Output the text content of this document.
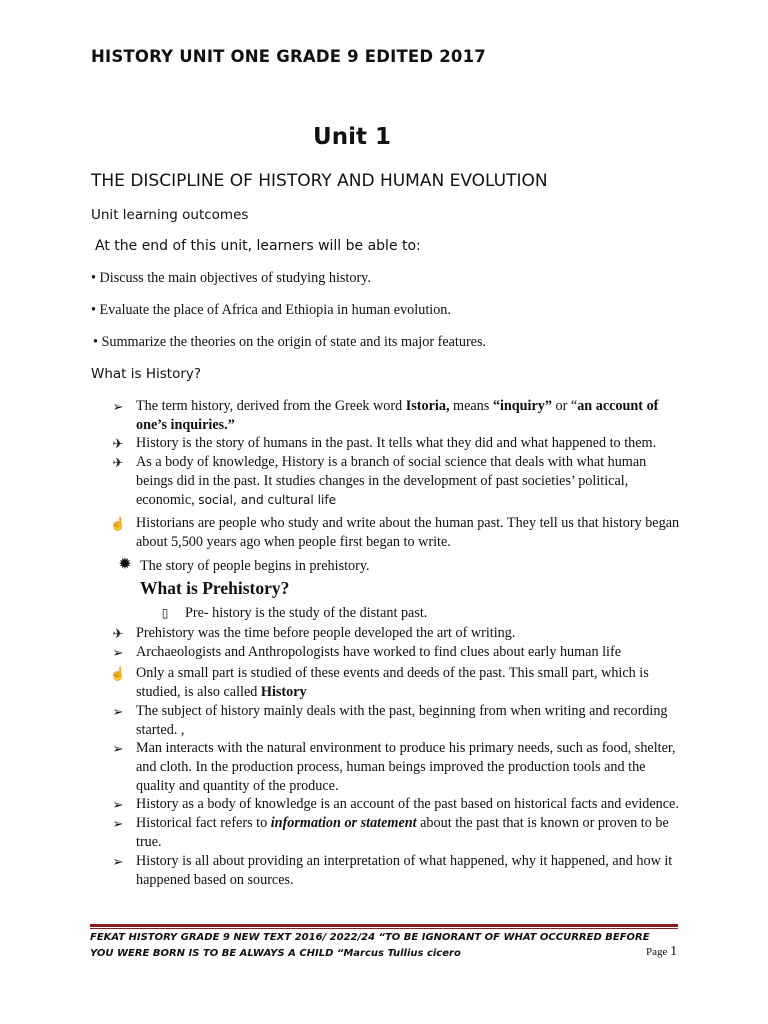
HISTORY UNIT ONE GRADE 9 EDITED 2017
Unit 1
THE DISCIPLINE OF HISTORY AND HUMAN EVOLUTION
Unit learning outcomes
At the end of this unit, learners will be able to:
• Discuss the main objectives of studying history.
• Evaluate the place of Africa and Ethiopia in human evolution.
• Summarize the theories on the origin of state and its major features.
What is History?
➢ The term history, derived from the Greek word Istoria, means “inquiry” or “an account of one’s inquiries.”
✈ History is the story of humans in the past. It tells what they did and what happened to them.
✈ As a body of knowledge, History is a branch of social science that deals with what human beings did in the past. It studies changes in the development of past societies’ political, economic, social, and cultural life
☝ Historians are people who study and write about the human past. They tell us that history began about 5,500 years ago when people first began to write.
✹ The story of people begins in prehistory.
What is Prehistory?
▯	Pre- history is the study of the distant past.
✈ Prehistory was the time before people developed the art of writing.
➢ Archaeologists and Anthropologists have worked to find clues about early human life
☝ Only a small part is studied of these events and deeds of the past. This small part, which is studied, is also called History
➢ The subject of history mainly deals with the past, beginning from when writing and recording started. ,
➢ Man interacts with the natural environment to produce his primary needs, such as food, shelter, and cloth. In the production process, human beings improved the production tools and the quality and quantity of the produce.
➢ History as a body of knowledge is an account of the past based on historical facts and evidence.
➢ Historical fact refers to information or statement about the past that is known or proven to be true.
➢ History is all about providing an interpretation of what happened, why it happened, and how it happened based on sources.
FEKAT HISTORY GRADE 9 NEW TEXT 2016/ 2022/24 “TO BE IGNORANT OF WHAT OCCURRED BEFORE
YOU WERE BORN IS TO BE ALWAYS A CHILD “Marcus Tullius cicero	Page 1
